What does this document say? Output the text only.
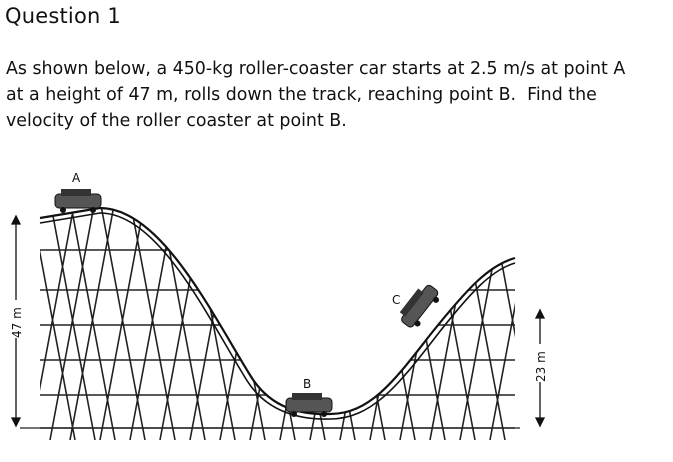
Question 1

As shown below, a 450-kg roller-coaster car starts at 2.5 m/s at point A
at a height of 47 m, rolls down the track, reaching point B.  Find the
velocity of the roller coaster at point B.

A
B
C
47 m
23 m
